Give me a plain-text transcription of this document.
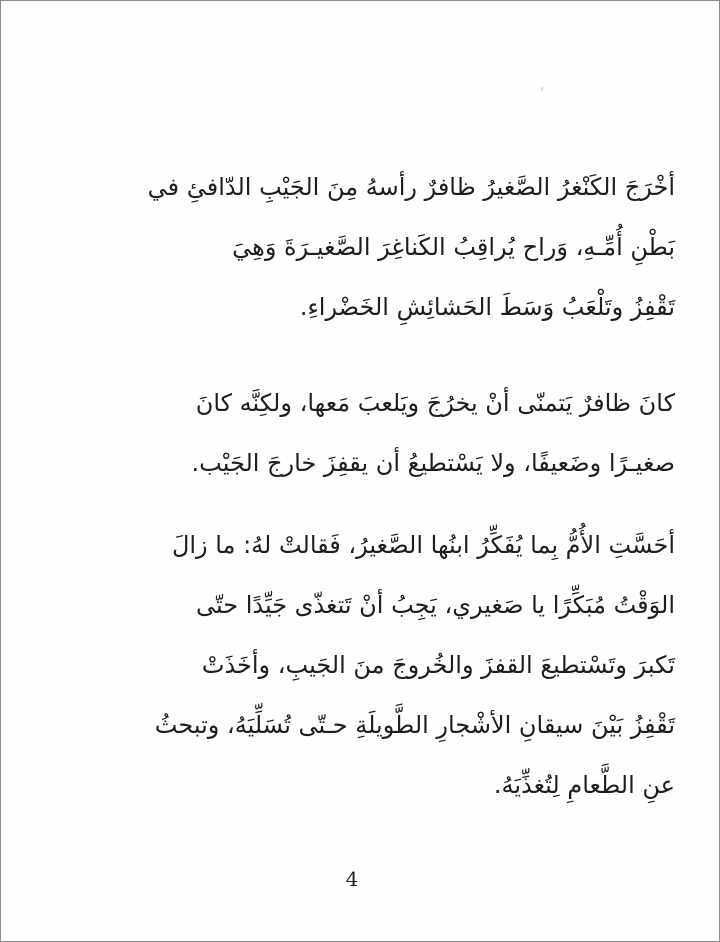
أخْرَجَ الكَنْغرُ الصَّغيرُ ظافرٌ رأسهُ مِنَ الجَيْبِ الدّافئِ في
بَطْنِ أُمِّـهِ، وَراح يُراقِبُ الكَناغِرَ الصَّغيـرَةَ وَهِيَ
تَقْفِزُ وتَلْعَبُ وَسَطَ الحَشائِشِ الخَضْراءِ.

كانَ ظافرٌ يَتمنّى أنْ يخرُجَ ويَلعبَ مَعها، ولكِنَّه كانَ
صغيـرًا وضَعيفًا، ولا يَسْتطيعُ أن يقفِزَ خارجَ الجَيْب.

أحَسَّتِ الأُمُّ بِما يُفَكِّرُ ابنُها الصَّغيرُ، فَقالتْ لهُ: ما زالَ
الوَقْتُ مُبَكِّرًا يا صَغيري، يَجِبُ أنْ تَتغذّى جَيِّدًا حتّى
تَكبرَ وتَسْتطيعَ القفزَ والخُروجَ منَ الجَيبِ، وأخَذَتْ
تَقْفِزُ بَيْنَ سيقانِ الأشْجارِ الطَّويلَةِ حـتّى تُسَلِّيَهُ، وتبحثُ
عنِ الطَّعامِ لِتُغذِّيَهُ.

4
